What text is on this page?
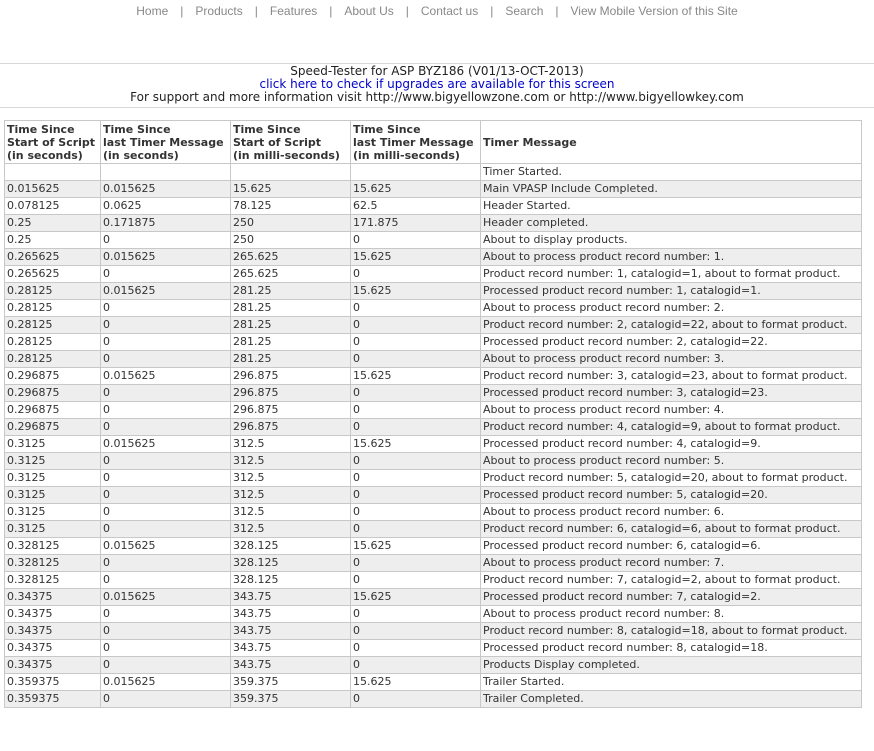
Home | Products | Features | About Us | Contact us | Search | View Mobile Version of this Site
Speed-Tester for ASP BYZ186 (V01/13-OCT-2013)
click here to check if upgrades are available for this screen
For support and more information visit http://www.bigyellowzone.com or http://www.bigyellowkey.com
Time Since
Start of Script
(in seconds)	Time Since
last Timer Message
(in seconds)	Time Since
Start of Script
(in milli-seconds)	Time Since
last Timer Message
(in milli-seconds)	Timer Message
				Timer Started.
0.015625	0.015625	15.625	15.625	Main VPASP Include Completed.
0.078125	0.0625	78.125	62.5	Header Started.
0.25	0.171875	250	171.875	Header completed.
0.25	0	250	0	About to display products.
0.265625	0.015625	265.625	15.625	About to process product record number: 1.
0.265625	0	265.625	0	Product record number: 1, catalogid=1, about to format product.
0.28125	0.015625	281.25	15.625	Processed product record number: 1, catalogid=1.
0.28125	0	281.25	0	About to process product record number: 2.
0.28125	0	281.25	0	Product record number: 2, catalogid=22, about to format product.
0.28125	0	281.25	0	Processed product record number: 2, catalogid=22.
0.28125	0	281.25	0	About to process product record number: 3.
0.296875	0.015625	296.875	15.625	Product record number: 3, catalogid=23, about to format product.
0.296875	0	296.875	0	Processed product record number: 3, catalogid=23.
0.296875	0	296.875	0	About to process product record number: 4.
0.296875	0	296.875	0	Product record number: 4, catalogid=9, about to format product.
0.3125	0.015625	312.5	15.625	Processed product record number: 4, catalogid=9.
0.3125	0	312.5	0	About to process product record number: 5.
0.3125	0	312.5	0	Product record number: 5, catalogid=20, about to format product.
0.3125	0	312.5	0	Processed product record number: 5, catalogid=20.
0.3125	0	312.5	0	About to process product record number: 6.
0.3125	0	312.5	0	Product record number: 6, catalogid=6, about to format product.
0.328125	0.015625	328.125	15.625	Processed product record number: 6, catalogid=6.
0.328125	0	328.125	0	About to process product record number: 7.
0.328125	0	328.125	0	Product record number: 7, catalogid=2, about to format product.
0.34375	0.015625	343.75	15.625	Processed product record number: 7, catalogid=2.
0.34375	0	343.75	0	About to process product record number: 8.
0.34375	0	343.75	0	Product record number: 8, catalogid=18, about to format product.
0.34375	0	343.75	0	Processed product record number: 8, catalogid=18.
0.34375	0	343.75	0	Products Display completed.
0.359375	0.015625	359.375	15.625	Trailer Started.
0.359375	0	359.375	0	Trailer Completed.
